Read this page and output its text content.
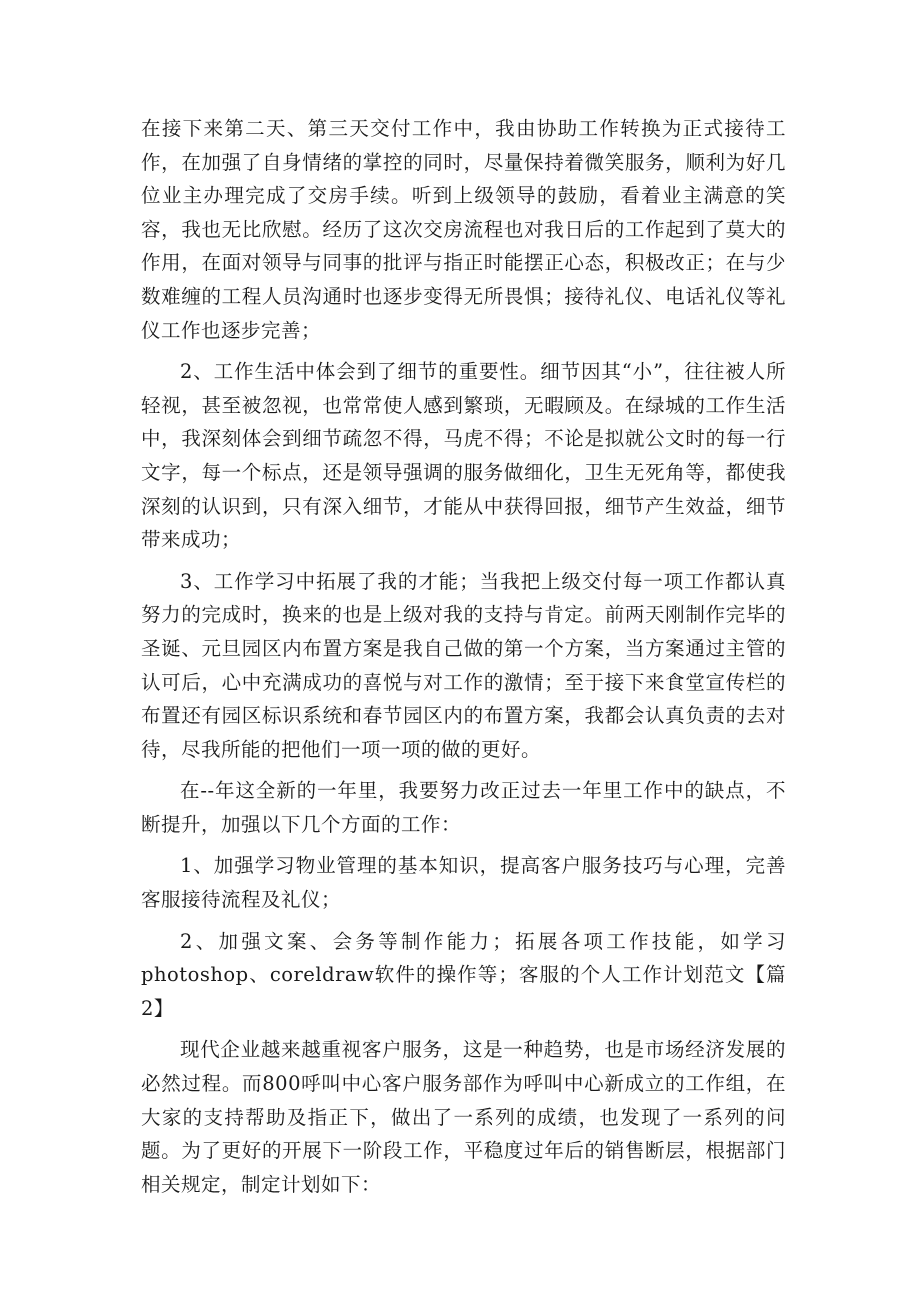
在接下来第二天、第三天交付工作中，我由协助工作转换为正式接待工作，在加强了自身情绪的掌控的同时，尽量保持着微笑服务，顺利为好几位业主办理完成了交房手续。听到上级领导的鼓励，看着业主满意的笑容，我也无比欣慰。经历了这次交房流程也对我日后的工作起到了莫大的作用，在面对领导与同事的批评与指正时能摆正心态，积极改正；在与少数难缠的工程人员沟通时也逐步变得无所畏惧；接待礼仪、电话礼仪等礼仪工作也逐步完善；

2、工作生活中体会到了细节的重要性。细节因其“小”，往往被人所轻视，甚至被忽视，也常常使人感到繁琐，无暇顾及。在绿城的工作生活中，我深刻体会到细节疏忽不得，马虎不得；不论是拟就公文时的每一行文字，每一个标点，还是领导强调的服务做细化，卫生无死角等，都使我深刻的认识到，只有深入细节，才能从中获得回报，细节产生效益，细节带来成功；

3、工作学习中拓展了我的才能；当我把上级交付每一项工作都认真努力的完成时，换来的也是上级对我的支持与肯定。前两天刚制作完毕的圣诞、元旦园区内布置方案是我自己做的第一个方案，当方案通过主管的认可后，心中充满成功的喜悦与对工作的激情；至于接下来食堂宣传栏的布置还有园区标识系统和春节园区内的布置方案，我都会认真负责的去对待，尽我所能的把他们一项一项的做的更好。

在--年这全新的一年里，我要努力改正过去一年里工作中的缺点，不断提升，加强以下几个方面的工作：

1、加强学习物业管理的基本知识，提高客户服务技巧与心理，完善客服接待流程及礼仪；

2、加强文案、会务等制作能力；拓展各项工作技能，如学习photoshop、coreldraw软件的操作等；客服的个人工作计划范文【篇2】

现代企业越来越重视客户服务，这是一种趋势，也是市场经济发展的必然过程。而800呼叫中心客户服务部作为呼叫中心新成立的工作组，在大家的支持帮助及指正下，做出了一系列的成绩，也发现了一系列的问题。为了更好的开展下一阶段工作，平稳度过年后的销售断层，根据部门相关规定，制定计划如下：
